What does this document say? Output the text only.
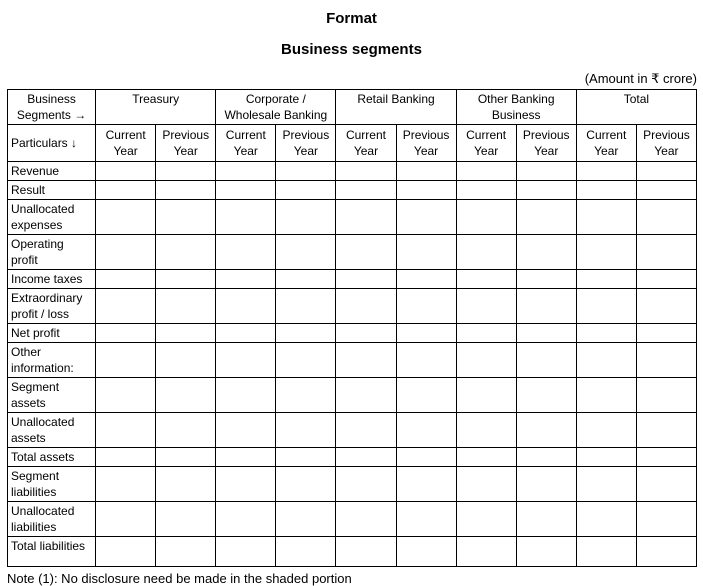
Format

Business segments

(Amount in ₹ crore)

Business Segments →	Treasury		Corporate / Wholesale Banking		Retail Banking		Other Banking Business		Total	
Particulars ↓	Current Year	Previous Year	Current Year	Previous Year	Current Year	Previous Year	Current Year	Previous Year	Current Year	Previous Year
Revenue										
Result										
Unallocated expenses										
Operating profit										
Income taxes										
Extraordinary profit / loss										
Net profit										
Other information:										
Segment assets										
Unallocated assets										
Total assets										
Segment liabilities										
Unallocated liabilities										
Total liabilities										

Note (1): No disclosure need be made in the shaded portion
